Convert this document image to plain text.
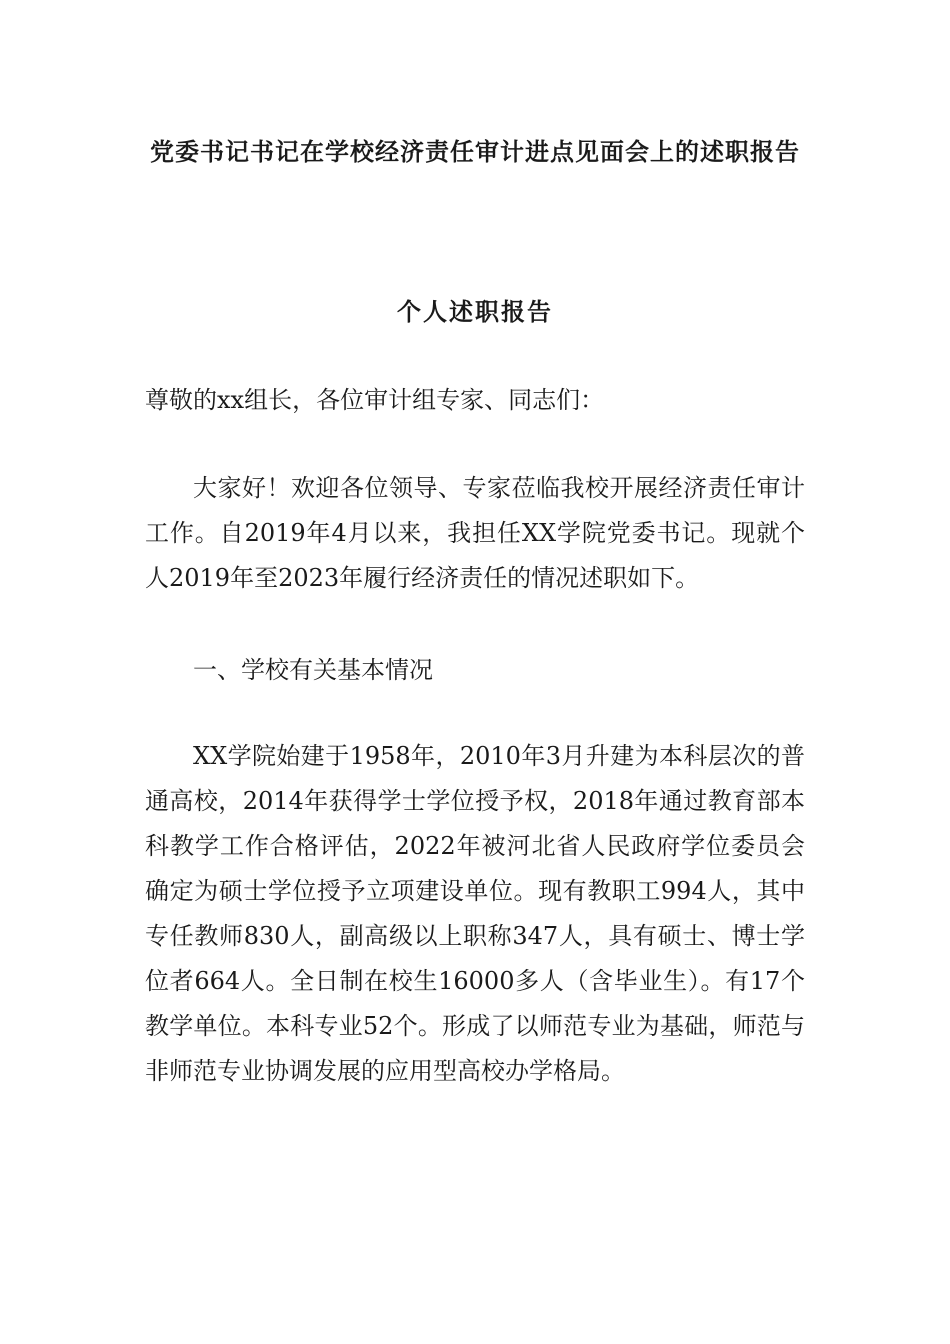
党委书记书记在学校经济责任审计进点见面会上的述职报告
个人述职报告

尊敬的xx组长，各位审计组专家、同志们：

大家好！欢迎各位领导、专家莅临我校开展经济责任审计工作。自2019年4月以来，我担任XX学院党委书记。现就个人2019年至2023年履行经济责任的情况述职如下。

一、学校有关基本情况

XX学院始建于1958年，2010年3月升建为本科层次的普通高校，2014年获得学士学位授予权，2018年通过教育部本科教学工作合格评估，2022年被河北省人民政府学位委员会确定为硕士学位授予立项建设单位。现有教职工994人，其中专任教师830人，副高级以上职称347人，具有硕士、博士学位者664人。全日制在校生16000多人（含毕业生）。有17个教学单位。本科专业52个。形成了以师范专业为基础，师范与非师范专业协调发展的应用型高校办学格局。
